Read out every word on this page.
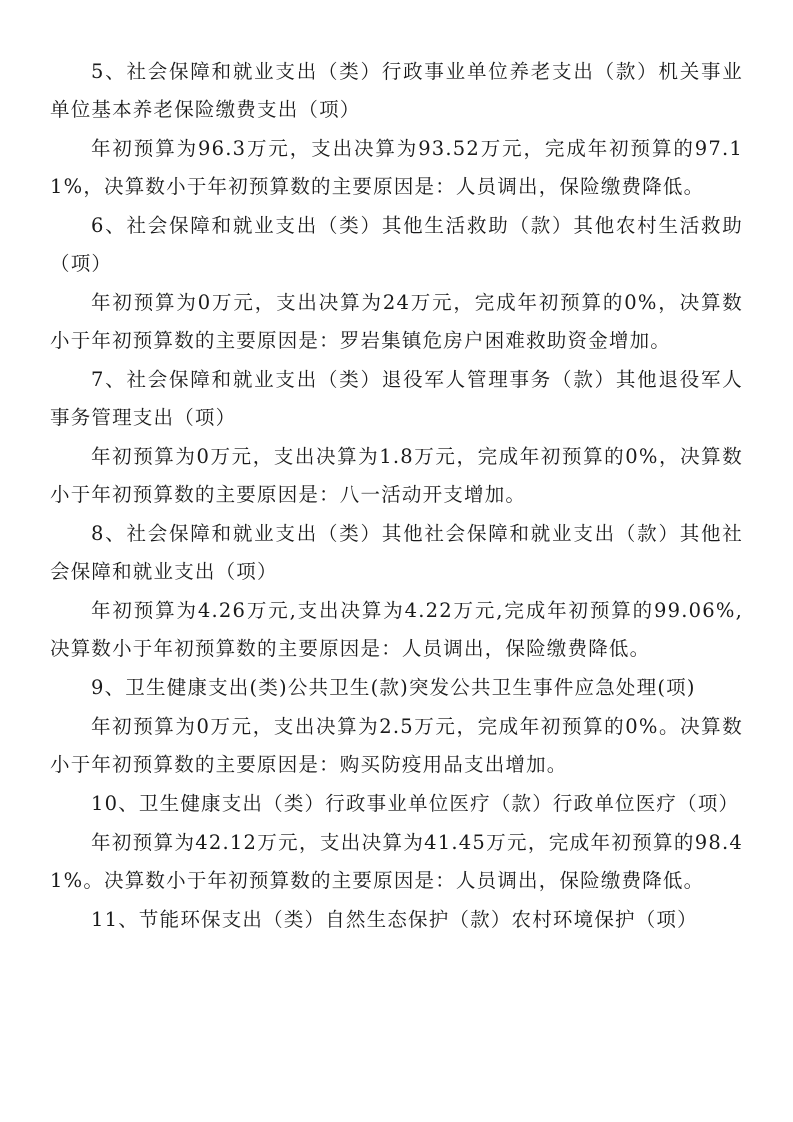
5、社会保障和就业支出（类）行政事业单位养老支出（款）机关事业单位基本养老保险缴费支出（项）

年初预算为96.3万元，支出决算为93.52万元，完成年初预算的97.11%，决算数小于年初预算数的主要原因是：人员调出，保险缴费降低。

6、社会保障和就业支出（类）其他生活救助（款）其他农村生活救助（项）

年初预算为0万元，支出决算为24万元，完成年初预算的0%，决算数小于年初预算数的主要原因是：罗岩集镇危房户困难救助资金增加。

7、社会保障和就业支出（类）退役军人管理事务（款）其他退役军人事务管理支出（项）

年初预算为0万元，支出决算为1.8万元，完成年初预算的0%，决算数小于年初预算数的主要原因是：八一活动开支增加。

8、社会保障和就业支出（类）其他社会保障和就业支出（款）其他社会保障和就业支出（项）

年初预算为4.26万元,支出决算为4.22万元,完成年初预算的99.06%,决算数小于年初预算数的主要原因是：人员调出，保险缴费降低。

9、卫生健康支出(类)公共卫生(款)突发公共卫生事件应急处理(项)

年初预算为0万元，支出决算为2.5万元，完成年初预算的0%。决算数小于年初预算数的主要原因是：购买防疫用品支出增加。

10、卫生健康支出（类）行政事业单位医疗（款）行政单位医疗（项）

年初预算为42.12万元，支出决算为41.45万元，完成年初预算的98.41%。决算数小于年初预算数的主要原因是：人员调出，保险缴费降低。

11、节能环保支出（类）自然生态保护（款）农村环境保护（项）
